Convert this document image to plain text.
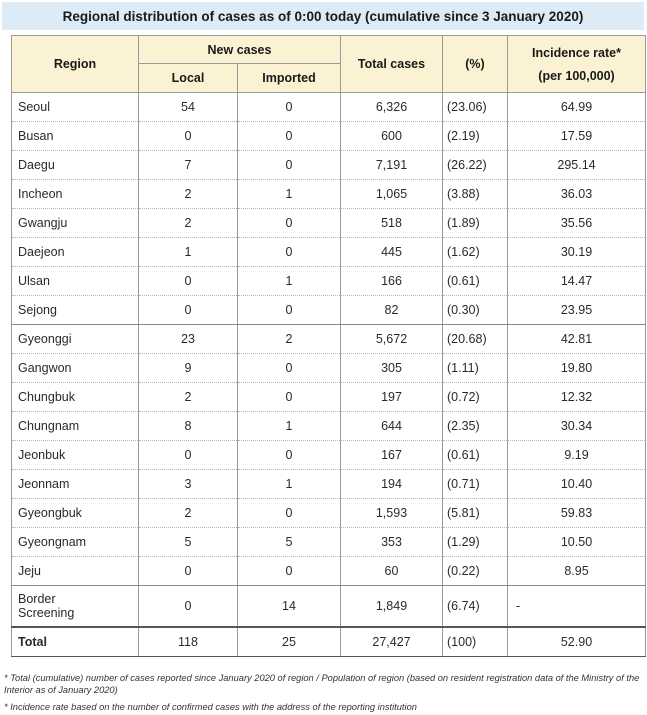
Regional distribution of cases as of 0:00 today (cumulative since 3 January 2020)
Region	New cases		Total cases	(%)	Incidence rate*
(per 100,000)

	Local	Imported			
Seoul	54	0	6,326	(23.06)	64.99
Busan	0	0	600	(2.19)	17.59
Daegu	7	0	7,191	(26.22)	295.14
Incheon	2	1	1,065	(3.88)	36.03
Gwangju	2	0	518	(1.89)	35.56
Daejeon	1	0	445	(1.62)	30.19
Ulsan	0	1	166	(0.61)	14.47
Sejong	0	0	82	(0.30)	23.95
Gyeonggi	23	2	5,672	(20.68)	42.81
Gangwon	9	0	305	(1.11)	19.80
Chungbuk	2	0	197	(0.72)	12.32
Chungnam	8	1	644	(2.35)	30.34
Jeonbuk	0	0	167	(0.61)	9.19
Jeonnam	3	1	194	(0.71)	10.40
Gyeongbuk	2	0	1,593	(5.81)	59.83
Gyeongnam	5	5	353	(1.29)	10.50
Jeju	0	0	60	(0.22)	8.95

Border
Screening	0	14	1,849	(6.74)	-
Total	118	25	27,427	(100)	52.90

* Total (cumulative) number of cases reported since January 2020 of region / Population of region (based on resident registration data of the Ministry of the Interior as of January 2020)

* Incidence rate based on the number of confirmed cases with the address of the reporting institution
